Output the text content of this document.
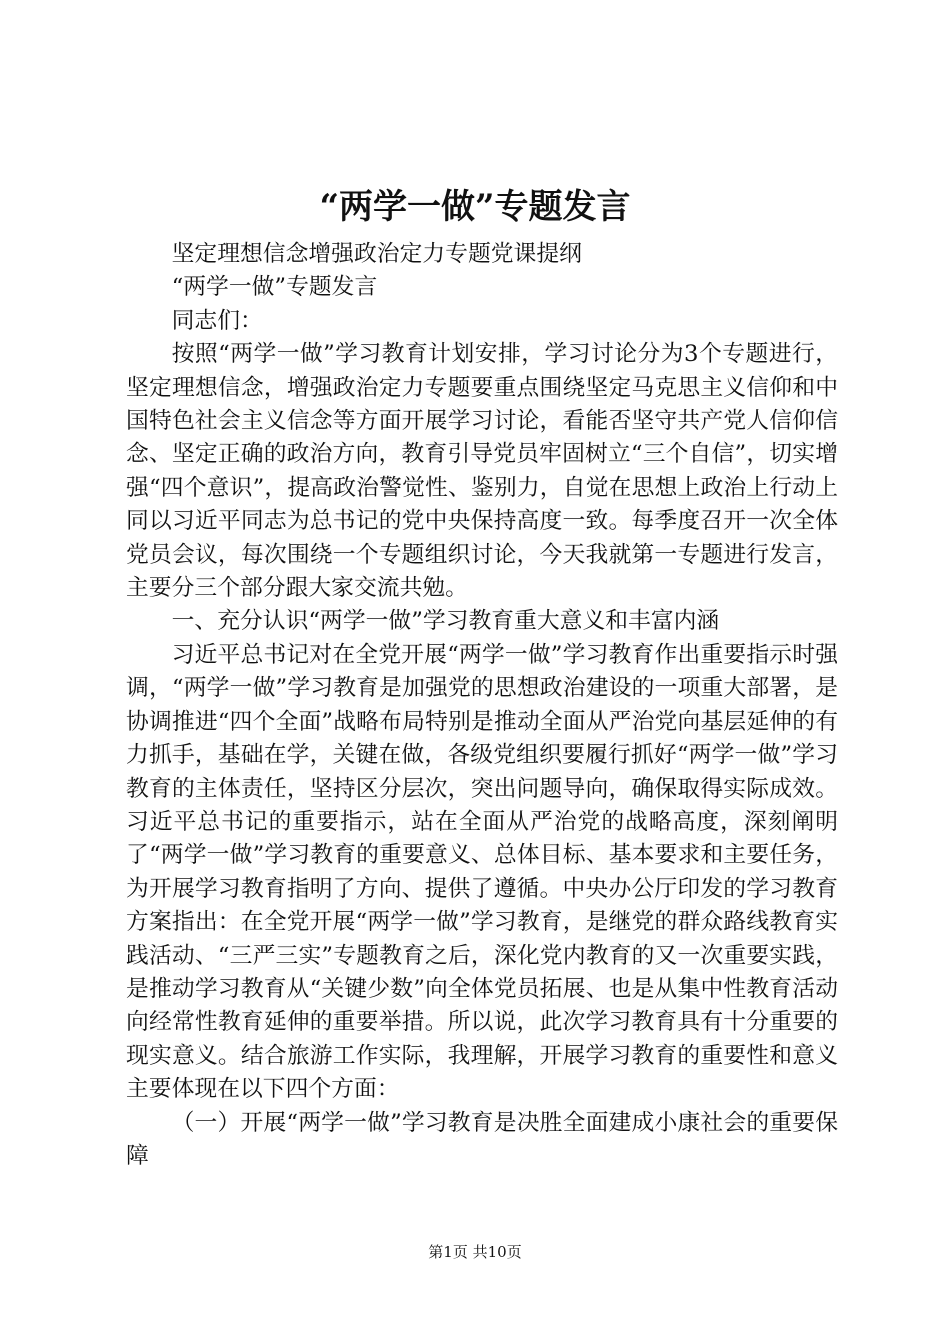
“两学一做”专题发言

坚定理想信念增强政治定力专题党课提纲

“两学一做”专题发言

同志们：

按照“两学一做”学习教育计划安排，学习讨论分为3个专题进行，坚定理想信念，增强政治定力专题要重点围绕坚定马克思主义信仰和中国特色社会主义信念等方面开展学习讨论，看能否坚守共产党人信仰信念、坚定正确的政治方向，教育引导党员牢固树立“三个自信”，切实增强“四个意识”，提高政治警觉性、鉴别力，自觉在思想上政治上行动上同以习近平同志为总书记的党中央保持高度一致。每季度召开一次全体党员会议，每次围绕一个专题组织讨论，今天我就第一专题进行发言，主要分三个部分跟大家交流共勉。

一、充分认识“两学一做”学习教育重大意义和丰富内涵

习近平总书记对在全党开展“两学一做”学习教育作出重要指示时强调，“两学一做”学习教育是加强党的思想政治建设的一项重大部署，是协调推进“四个全面”战略布局特别是推动全面从严治党向基层延伸的有力抓手，基础在学，关键在做，各级党组织要履行抓好“两学一做”学习教育的主体责任，坚持区分层次，突出问题导向，确保取得实际成效。习近平总书记的重要指示，站在全面从严治党的战略高度，深刻阐明了“两学一做”学习教育的重要意义、总体目标、基本要求和主要任务，为开展学习教育指明了方向、提供了遵循。中央办公厅印发的学习教育方案指出：在全党开展“两学一做”学习教育，是继党的群众路线教育实践活动、“三严三实”专题教育之后，深化党内教育的又一次重要实践，是推动学习教育从“关键少数”向全体党员拓展、也是从集中性教育活动向经常性教育延伸的重要举措。所以说，此次学习教育具有十分重要的现实意义。结合旅游工作实际，我理解，开展学习教育的重要性和意义主要体现在以下四个方面：

（一）开展“两学一做”学习教育是决胜全面建成小康社会的重要保障

第1页 共10页
